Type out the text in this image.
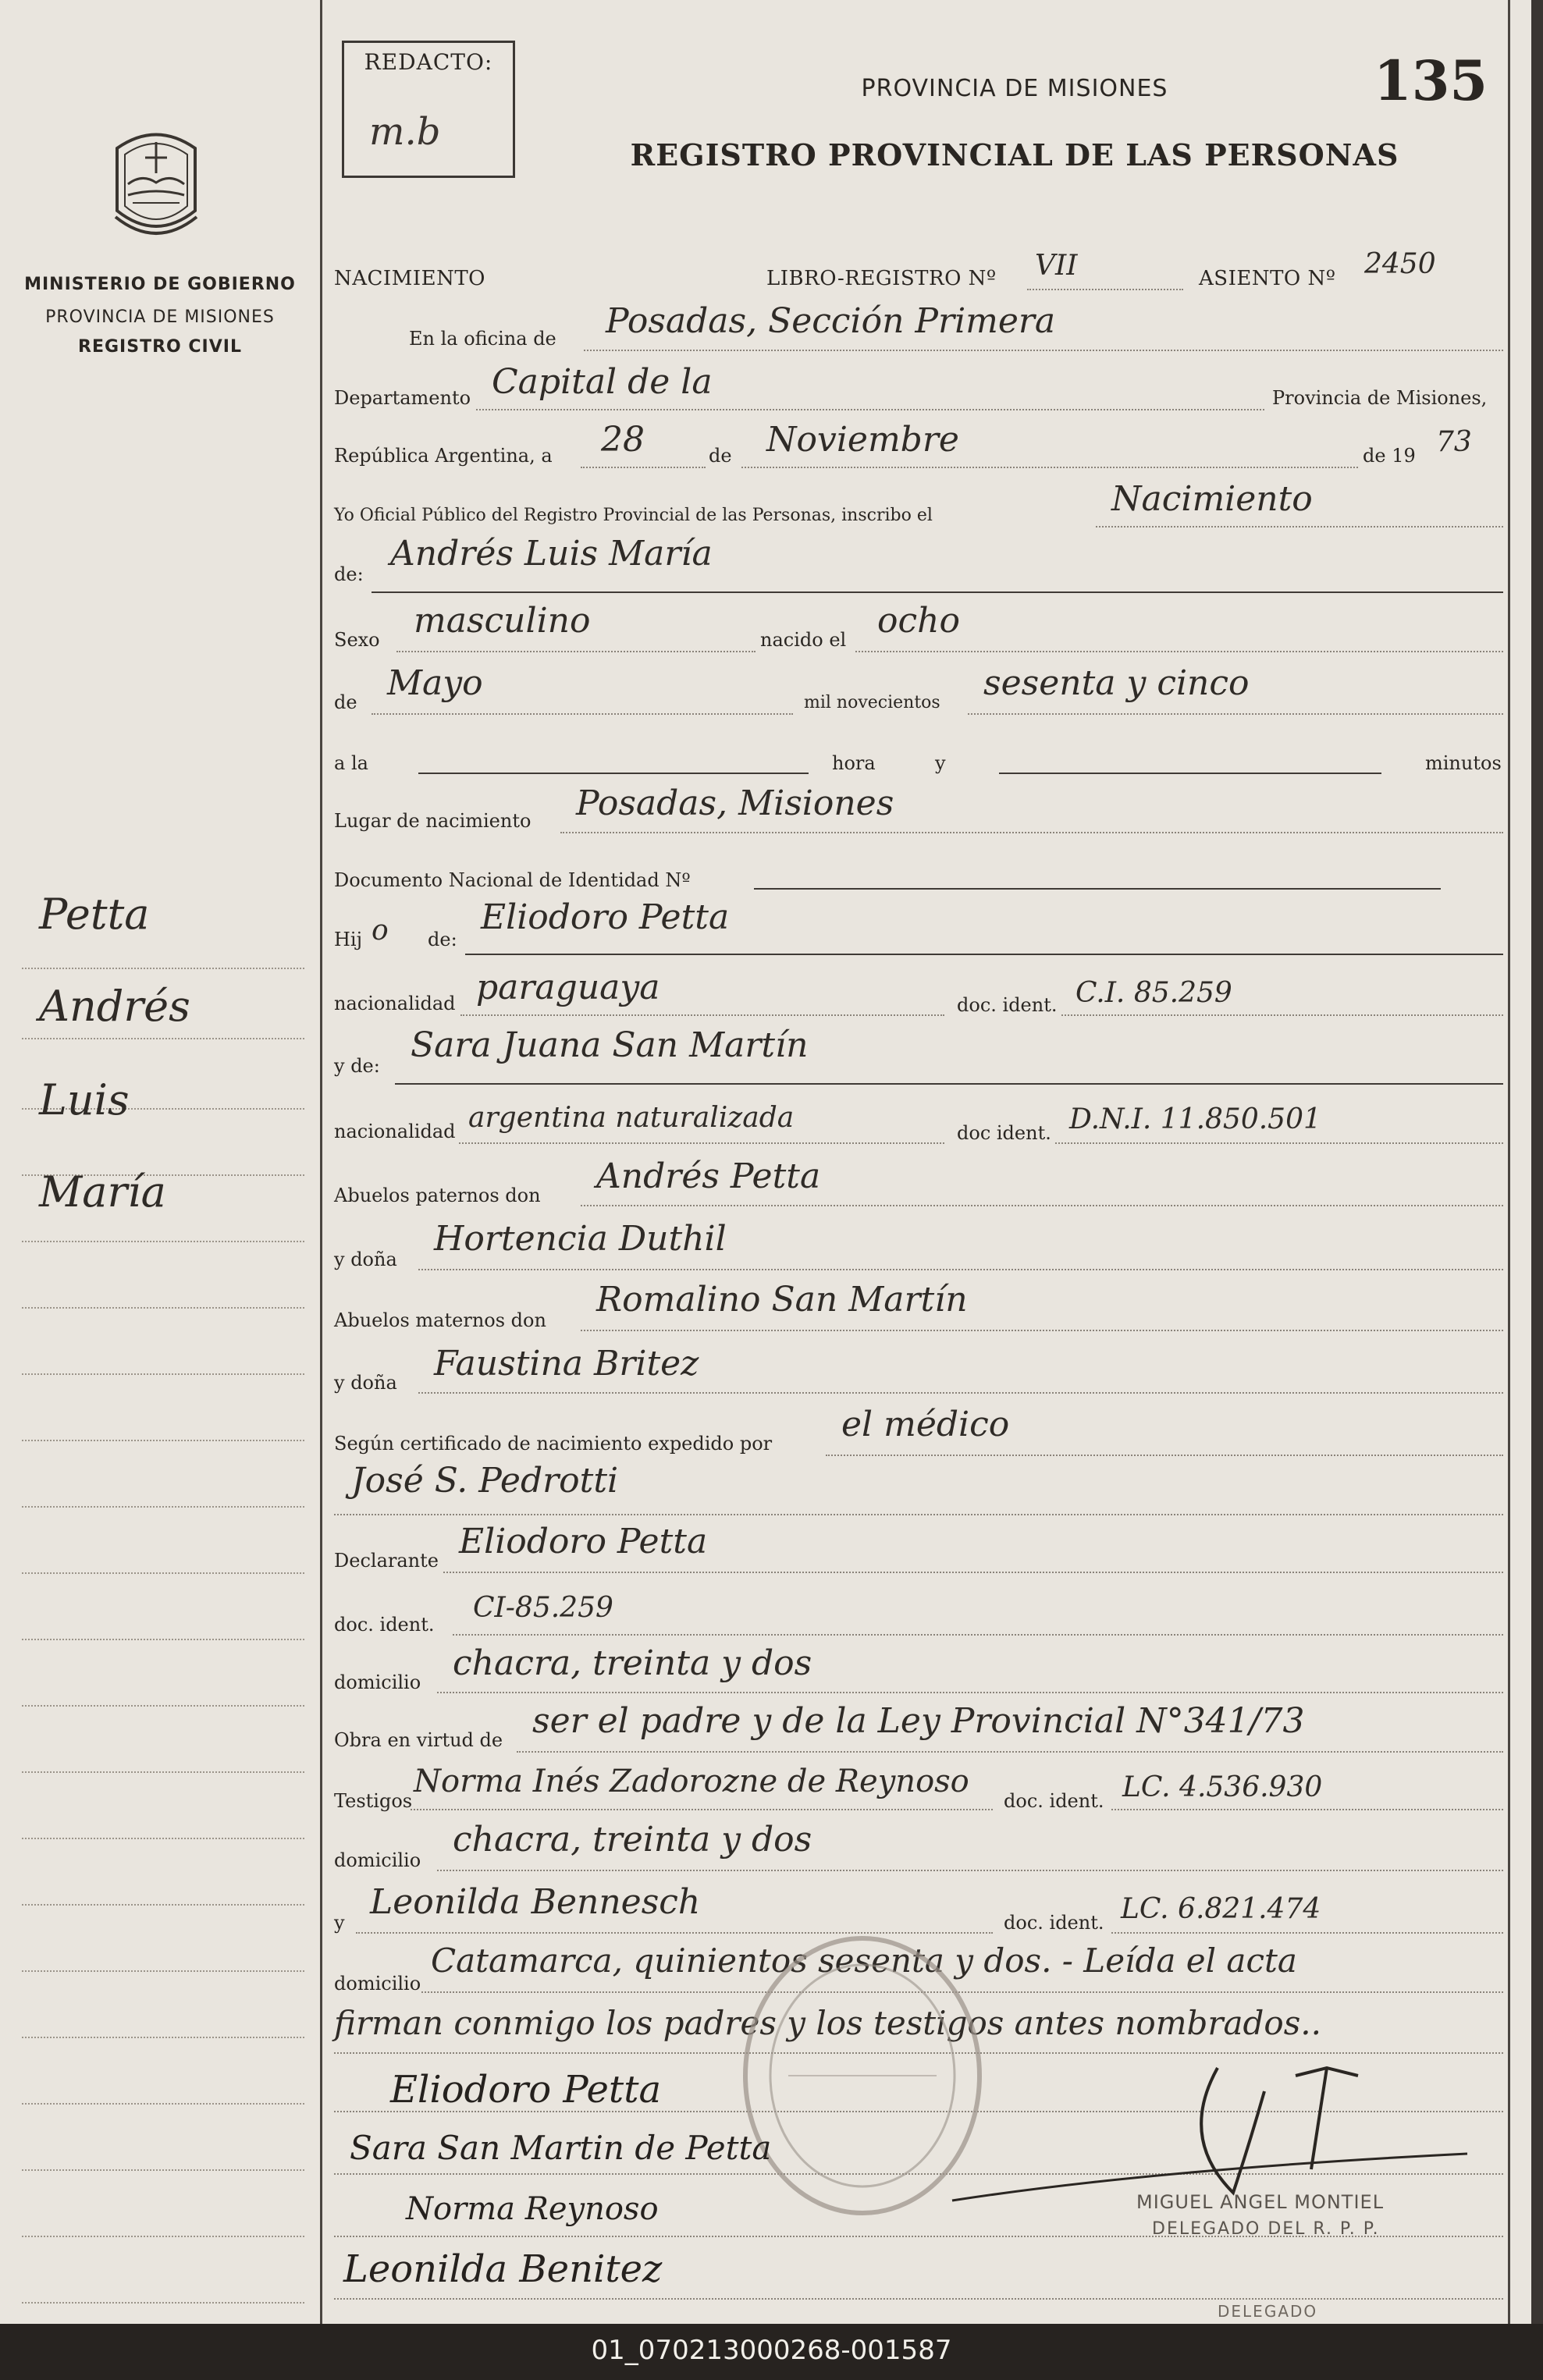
MINISTERIO DE GOBIERNO
PROVINCIA DE MISIONES
REGISTRO CIVIL
Petta
Andrés
Luis
María
REDACTO:
m.b
PROVINCIA DE MISIONES
REGISTRO PROVINCIAL DE LAS PERSONAS
135
NACIMIENTO	LIBRO-REGISTRO Nº VII	ASIENTO Nº 2450
En la oficina de Posadas, Sección Primera
Departamento Capital de la	Provincia de Misiones,
República Argentina, a 28	de Noviembre	de 19 73
Yo Oficial Público del Registro Provincial de las Personas, inscribo el	Nacimiento
de:
Andrés Luis María
Sexo masculino	nacido el ocho
de Mayo	mil novecientos sesenta y cinco
a la	hora	y	minutos
Lugar de nacimiento Posadas, Misiones
Documento Nacional de Identidad Nº
Hij o de:
Eliodoro Petta
nacionalidad paraguaya	doc. ident. C.I. 85.259
y de:
Sara Juana San Martín
nacionalidad argentina naturalizada	doc ident. D.N.I. 11.850.501
Abuelos paternos don Andrés Petta
y doña
Hortencia Duthil
Abuelos maternos don
Romalino San Martín
y doña Faustina Britez
Según certificado de nacimiento expedido por el médico
José S. Pedrotti
Declarante Eliodoro Petta
doc. ident.
CI-85.259
domicilio chacra, treinta y dos
Obra en virtud de ser el padre y de la Ley Provincial N°341/73
Testigos
Norma Inés Zadorozne de Reynoso
doc. ident. LC. 4.536.930
domicilio
chacra, treinta y dos
y
Leonilda Bennesch
doc. ident. LC. 6.821.474
domicilio
Catamarca, quinientos sesenta y dos. - Leída el acta
firman conmigo los padres y los testigos antes nombrados..
Eliodoro Petta
Sara San Martin de Petta
Norma Reynoso
Leonilda Benitez
MIGUEL ANGEL MONTIEL
DELEGADO DEL R. P. P.
DELEGADO
01_070213000268-001587
